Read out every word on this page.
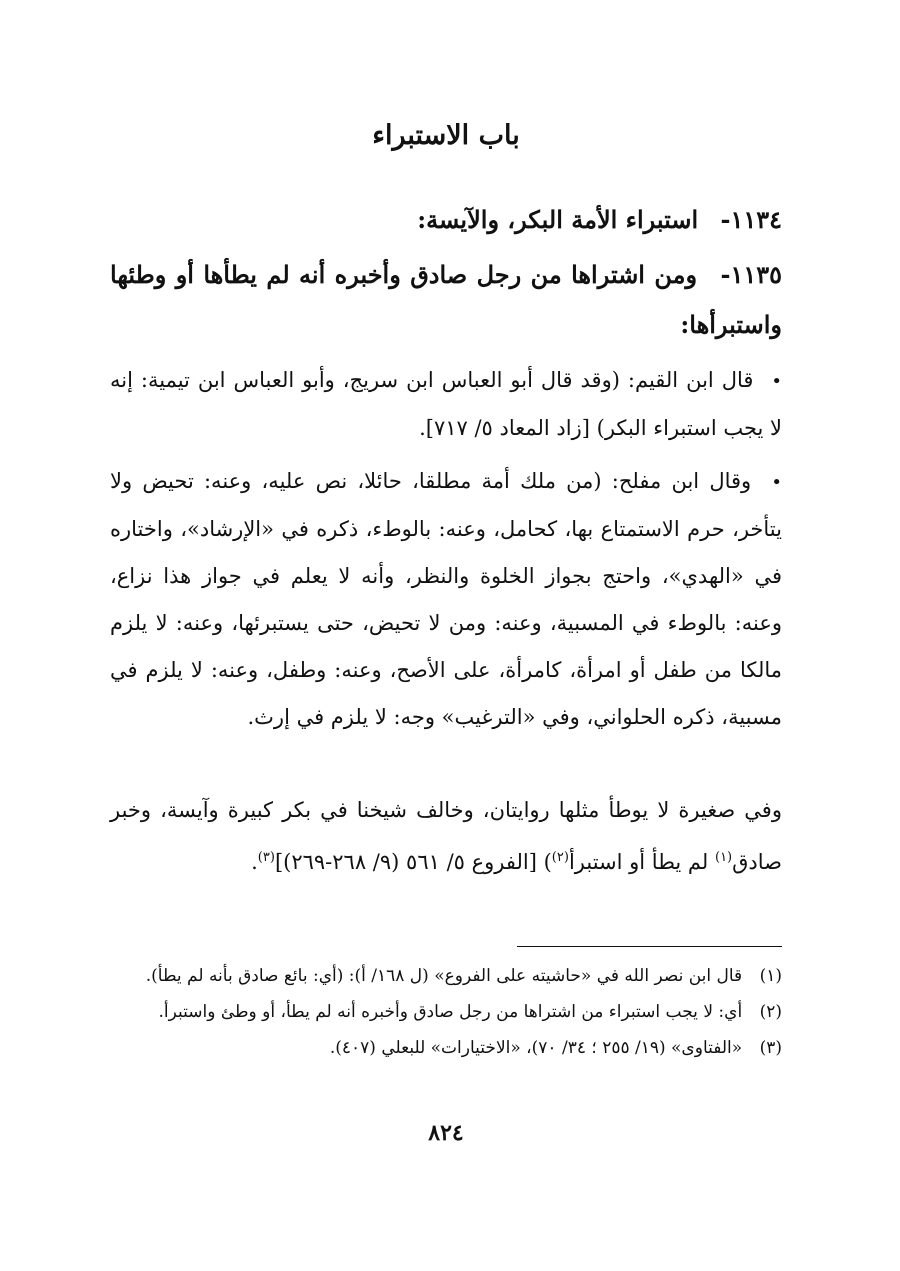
باب الاستبراء
١١٣٤- استبراء الأمة البكر، والآيسة:
١١٣٥- ومن اشتراها من رجل صادق وأخبره أنه لم يطأها أو وطئها واستبرأها:
• قال ابن القيم: (وقد قال أبو العباس ابن سريج، وأبو العباس ابن تيمية: إنه لا يجب استبراء البكر) [زاد المعاد ٥/ ٧١٧].
• وقال ابن مفلح: (من ملك أمة مطلقا، حائلا، نص عليه، وعنه: تحيض ولا يتأخر، حرم الاستمتاع بها، كحامل، وعنه: بالوطء، ذكره في «الإرشاد»، واختاره في «الهدي»، واحتج بجواز الخلوة والنظر، وأنه لا يعلم في جواز هذا نزاع، وعنه: بالوطء في المسبية، وعنه: ومن لا تحيض، حتى يستبرئها، وعنه: لا يلزم مالكا من طفل أو امرأة، كامرأة، على الأصح، وعنه: وطفل، وعنه: لا يلزم في مسبية، ذكره الحلواني، وفي «الترغيب» وجه: لا يلزم في إرث.
وفي صغيرة لا يوطأ مثلها روايتان، وخالف شيخنا في بكر كبيرة وآيسة، وخبر صادق$^{(١)}$ لم يطأ أو استبرأ$^{(٢)}$) [الفروع ٥/ ٥٦١ (٩/ ٢٦٨-٢٦٩)]$^{(٣)}$.
(١) قال ابن نصر الله في «حاشيته على الفروع» (ل ١٦٨/ أ): (أي: بائع صادق بأنه لم يطأ).
(٢) أي: لا يجب استبراء من اشتراها من رجل صادق وأخبره أنه لم يطأ، أو وطئ واستبرأ.
(٣) «الفتاوى» (١٩/ ٢٥٥ ؛ ٣٤/ ٧٠)، «الاختيارات» للبعلي (٤٠٧).
٨٢٤
